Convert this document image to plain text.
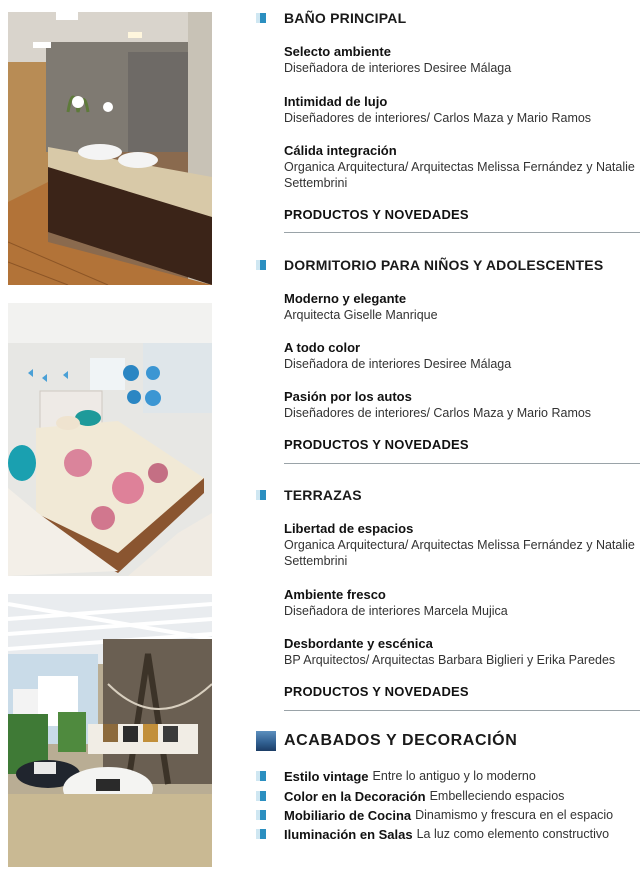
BAÑO PRINCIPAL
Selecto ambiente
Diseñadora de interiores Desiree Málaga
Intimidad de lujo
Diseñadores de interiores/ Carlos Maza y Mario Ramos
Cálida integración
Organica Arquitectura/ Arquitectas Melissa Fernández y Natalie Settembrini
PRODUCTOS Y NOVEDADES
DORMITORIO PARA NIÑOS Y ADOLESCENTES
Moderno y elegante
Arquitecta Giselle Manrique
A todo color
Diseñadora de interiores Desiree Málaga
Pasión por los autos
Diseñadores de interiores/ Carlos Maza y Mario Ramos
PRODUCTOS Y NOVEDADES
TERRAZAS
Libertad de espacios
Organica Arquitectura/ Arquitectas Melissa Fernández y Natalie Settembrini
Ambiente fresco
Diseñadora de interiores Marcela Mujica
Desbordante y escénica
BP Arquitectos/ Arquitectas Barbara Biglieri y Erika Paredes
PRODUCTOS Y NOVEDADES
ACABADOS Y DECORACIÓN
Estilo vintage Entre lo antiguo y lo moderno
Color en la Decoración Embelleciendo espacios
Mobiliario de Cocina Dinamismo y frescura en el espacio
Iluminación en Salas La luz como elemento constructivo
